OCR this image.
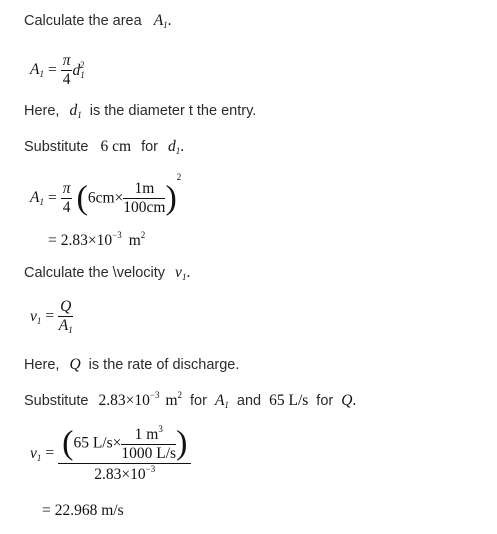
Calculate the area $A_1$.
$A_1 = \frac{\pi}{4} d_1^2$
Here, $d_1$ is the diameter t the entry.
Substitute 6 cm for $d_1$.
$A_1 = \frac{\pi}{4} (6cm\times \frac{1m}{100cm} )^2$
= $2.83\times 10^{-3}$ $m^2$
Calculate the \velocity $v_1$.
$v_1 = \frac{Q}{A_1}$
Here, Q is the rate of discharge.
Substitute $2.83\times 10^{-3}$ $m^2$ for $A_1$ and 65 L/s for Q.
$v_1 = \frac{(65 L/s\times \frac{1 m^3}{1000 L/s} )}{2.83\times 10^{-3}}$
= 22.968 m/s
